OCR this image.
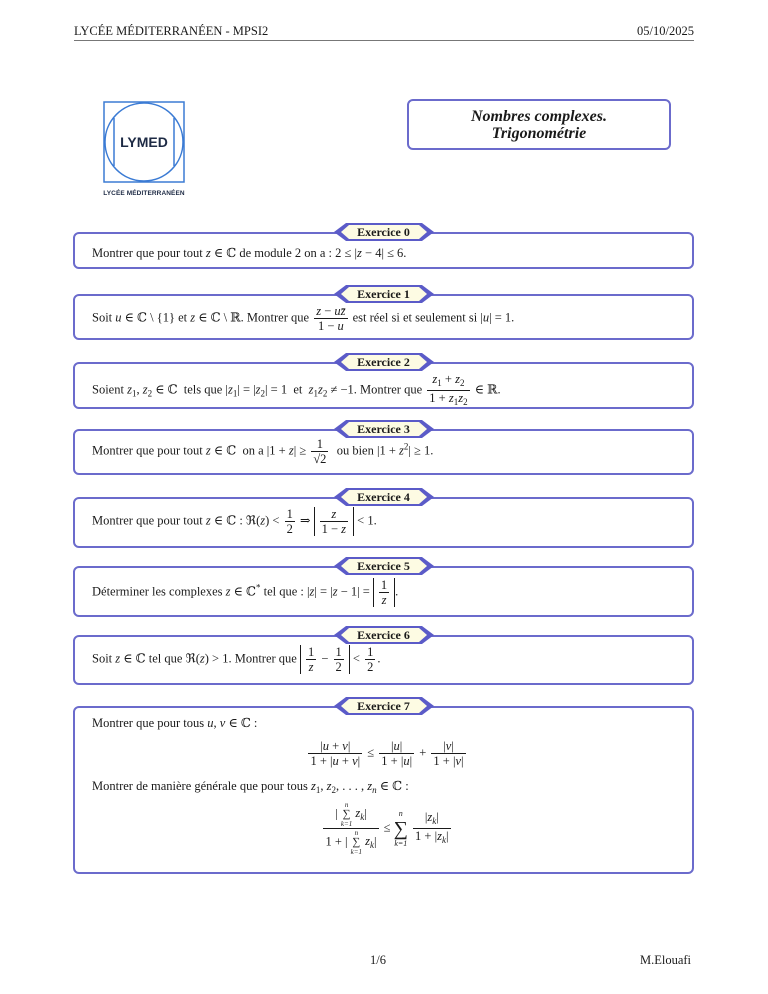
LYCÉE MÉDITERRANÉEN - MPSI2	05/10/2025
LYMED
LYCÉE MÉDITERRANÉEN
Nombres complexes.
Trigonométrie
Exercice 0
Montrer que pour tout z ∈ ℂ de module 2 on a : 2 ≤ |z − 4| ≤ 6.
Exercice 1
Soit u ∈ ℂ \ {1} et z ∈ ℂ \ ℝ. Montrer que $\frac{z - uz̄}{1 - u}$ est réel si et seulement si |u| = 1.
Exercice 2
Soient $z_1$, $z_2$ ∈ ℂ  tels que $|z_1| = |z_2| = 1$  et  $z_1z_2 \ne -1$. Montrer que $\frac{z_1 + z_2}{1 + z_1z_2}$ ∈ ℝ.
Exercice 3
Montrer que pour tout z ∈ ℂ  on a $|1 + z| \ge \frac{1}{√2}$ ou bien $|1 + z^2| \ge 1$.
Exercice 4
Montrer que pour tout z ∈ ℂ : ℜ(z) < $\frac{1}{2}$ ⇒ $\frac{z}{1 - z} < 1$.
Exercice 5
Déterminer les complexes z ∈ ℂ* tel que : $|z| = |z - 1| = \frac{1}{z}$ .
Exercice 6
Soit z ∈ ℂ tel que ℜ(z) > 1. Montrer que $\frac{1}{z} - \frac{1}{2} < \frac{1}{2}$ .
Exercice 7
Montrer que pour tous u, v ∈ ℂ :
$\frac{|u + v|}{1 + |u + v|} \le \frac{|u|}{1 + |u|} + \frac{|v|}{1 + |v|}$
Montrer de manière générale que pour tous $z_1$, $z_2$, . . . , $z_n$ ∈ ℂ :
|
n
∑
k=1
$z_k|$
1 + |
n
∑
k=1
$z_k|$ ≤
n
∑
k=1
$\frac{|z_k|}{1 + |z_k|}$
1/6	M.Elouafi
